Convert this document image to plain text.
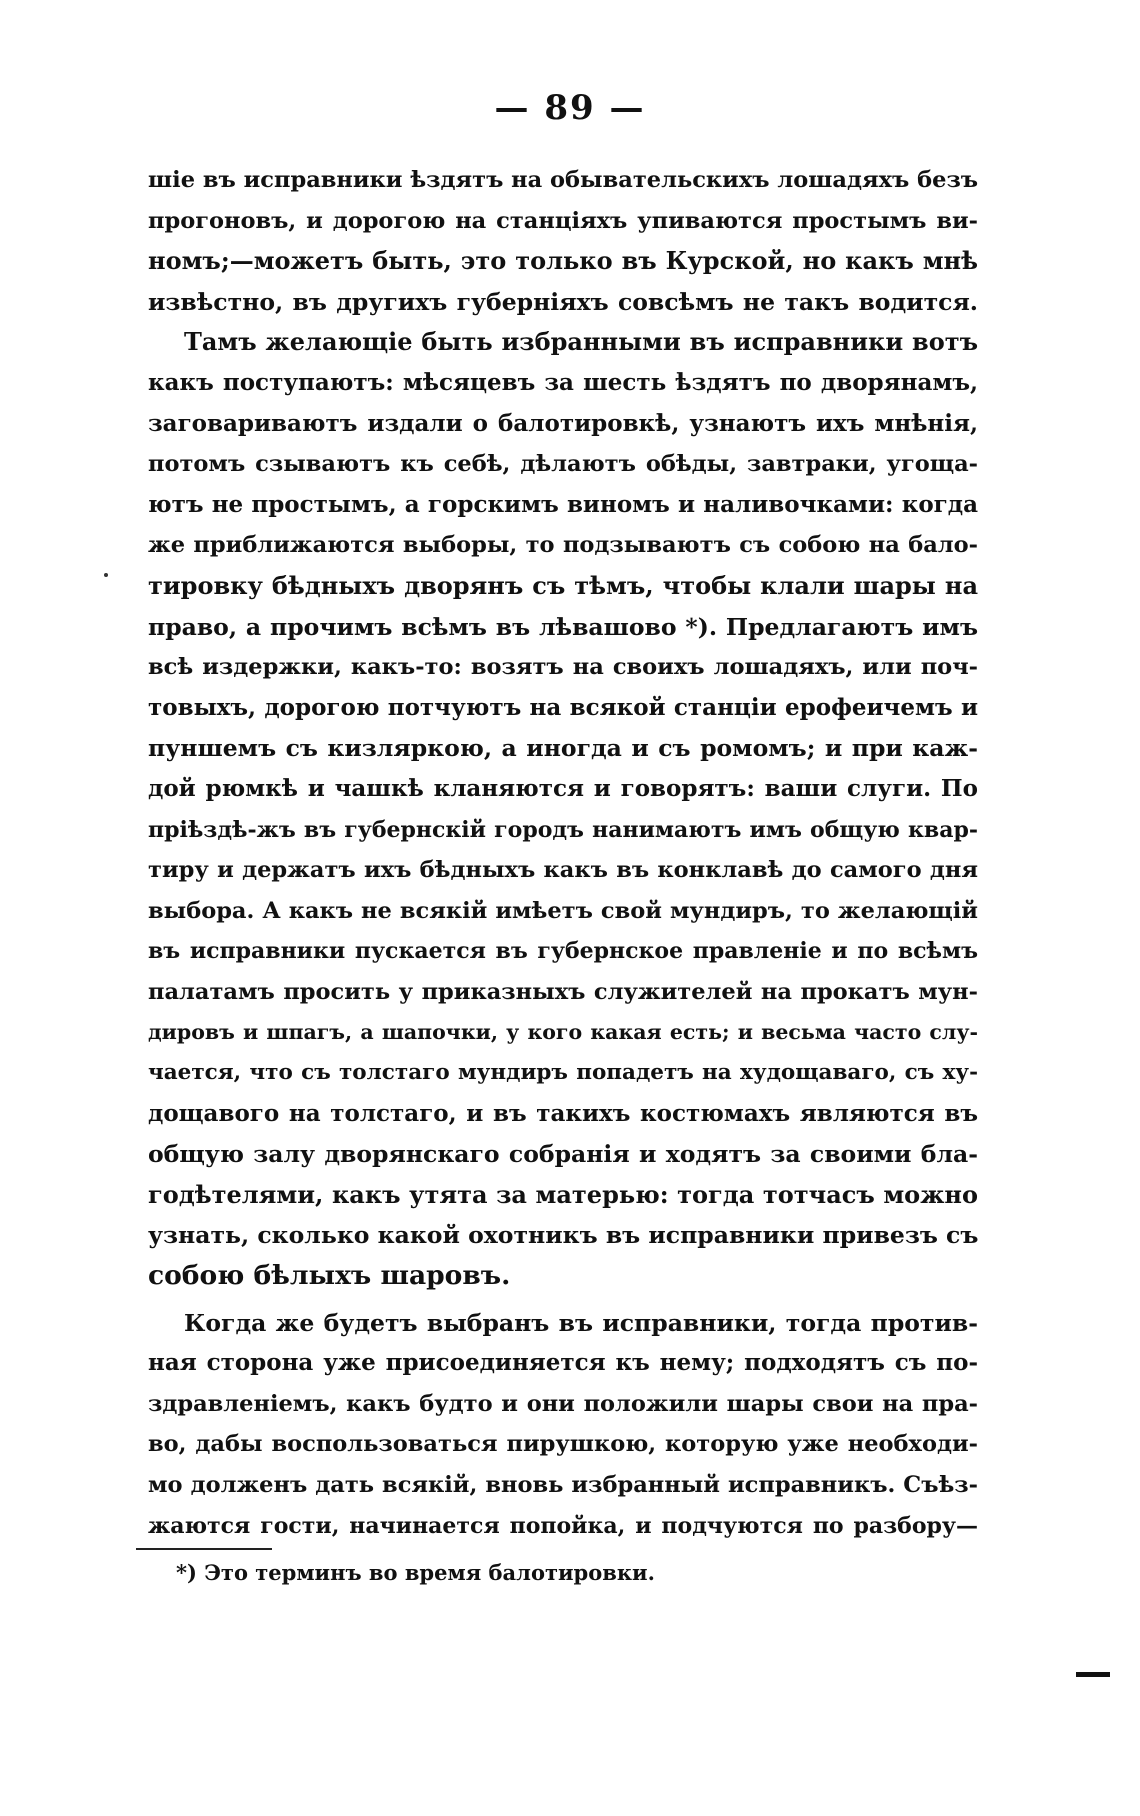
— 89 —
шіе въ исправники ѣздятъ на обывательскихъ лошадяхъ безъ
прогоновъ, и дорогою на станціяхъ упиваются простымъ ви-
номъ;—можетъ быть, это только въ Курской, но какъ мнѣ
извѣстно, въ другихъ губерніяхъ совсѣмъ не такъ водится.
Тамъ желающіе быть избранными въ исправники вотъ
какъ поступаютъ: мѣсяцевъ за шесть ѣздятъ по дворянамъ,
заговариваютъ издали о балотировкѣ, узнаютъ ихъ мнѣнія,
потомъ сзываютъ къ себѣ, дѣлаютъ обѣды, завтраки, угоща-
ютъ не простымъ, а горскимъ виномъ и наливочками: когда
же приближаются выборы, то подзываютъ съ собою на бало-
тировку бѣдныхъ дворянъ съ тѣмъ, чтобы клали шары на
право, а прочимъ всѣмъ въ лѣвашово *). Предлагаютъ имъ
всѣ издержки, какъ-то: возятъ на своихъ лошадяхъ, или поч-
товыхъ, дорогою потчуютъ на всякой станціи ерофеичемъ и
пуншемъ съ кизляркою, а иногда и съ ромомъ; и при каж-
дой рюмкѣ и чашкѣ кланяются и говорятъ: ваши слуги. По
пріѣздѣ-жъ въ губернскій городъ нанимаютъ имъ общую квар-
тиру и держатъ ихъ бѣдныхъ какъ въ конклавѣ до самого дня
выбора. А какъ не всякій имѣетъ свой мундиръ, то желающій
въ исправники пускается въ губернское правленіе и по всѣмъ
палатамъ просить у приказныхъ служителей на прокатъ мун-
дировъ и шпагъ, а шапочки, у кого какая есть; и весьма часто слу-
чается, что съ толстаго мундиръ попадетъ на худощаваго, съ ху-
дощавого на толстаго, и въ такихъ костюмахъ являются въ
общую залу дворянскаго собранія и ходятъ за своими бла-
годѣтелями, какъ утята за матерью: тогда тотчасъ можно
узнать, сколько какой охотникъ въ исправники привезъ съ
собою бѣлыхъ шаровъ.
Когда же будетъ выбранъ въ исправники, тогда против-
ная сторона уже присоединяется къ нему; подходятъ съ по-
здравленіемъ, какъ будто и они положили шары свои на пра-
во, дабы воспользоваться пирушкою, которую уже необходи-
мо долженъ дать всякій, вновь избранный исправникъ. Съѣз-
жаются гости, начинается попойка, и подчуются по разбору—
*) Это терминъ во время балотировки.
